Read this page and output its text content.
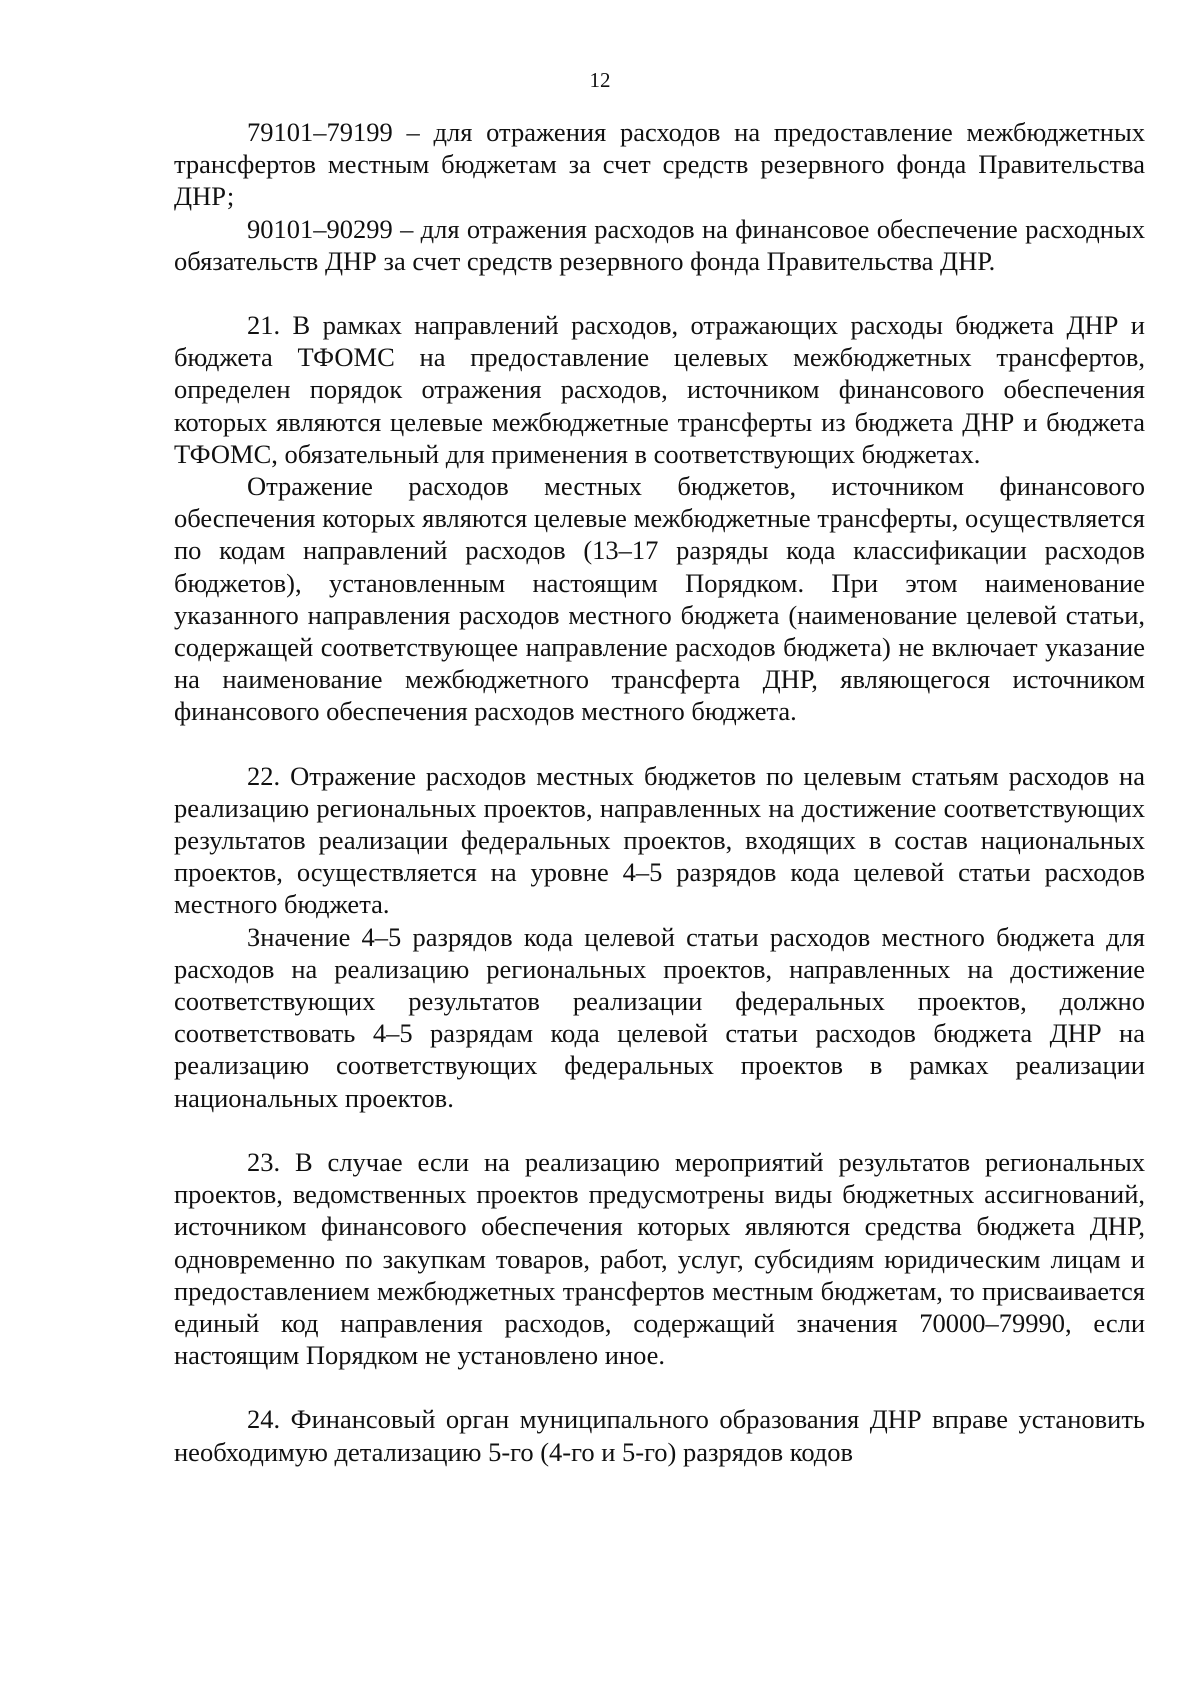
12

79101–79199 – для отражения расходов на предоставление межбюджетных трансфертов местным бюджетам за счет средств резервного фонда Правительства ДНР;

90101–90299 – для отражения расходов на финансовое обеспечение расходных обязательств ДНР за счет средств резервного фонда Правительства ДНР.

21. В рамках направлений расходов, отражающих расходы бюджета ДНР и бюджета ТФОМС на предоставление целевых межбюджетных трансфертов, определен порядок отражения расходов, источником финансового обеспечения которых являются целевые межбюджетные трансферты из бюджета ДНР и бюджета ТФОМС, обязательный для применения в соответствующих бюджетах.

Отражение расходов местных бюджетов, источником финансового обеспечения которых являются целевые межбюджетные трансферты, осуществляется по кодам направлений расходов (13–17 разряды кода классификации расходов бюджетов), установленным настоящим Порядком. При этом наименование указанного направления расходов местного бюджета (наименование целевой статьи, содержащей соответствующее направление расходов бюджета) не включает указание на наименование межбюджетного трансферта ДНР, являющегося источником финансового обеспечения расходов местного бюджета.

22. Отражение расходов местных бюджетов по целевым статьям расходов на реализацию региональных проектов, направленных на достижение соответствующих результатов реализации федеральных проектов, входящих в состав национальных проектов, осуществляется на уровне 4–5 разрядов кода целевой статьи расходов местного бюджета.

Значение 4–5 разрядов кода целевой статьи расходов местного бюджета для расходов на реализацию региональных проектов, направленных на достижение соответствующих результатов реализации федеральных проектов, должно соответствовать 4–5 разрядам кода целевой статьи расходов бюджета ДНР на реализацию соответствующих федеральных проектов в рамках реализации национальных проектов.

23. В случае если на реализацию мероприятий результатов региональных проектов, ведомственных проектов предусмотрены виды бюджетных ассигнований, источником финансового обеспечения которых являются средства бюджета ДНР, одновременно по закупкам товаров, работ, услуг, субсидиям юридическим лицам и предоставлением межбюджетных трансфертов местным бюджетам, то присваивается единый код направления расходов, содержащий значения 70000–79990, если настоящим Порядком не установлено иное.

24. Финансовый орган муниципального образования ДНР вправе установить необходимую детализацию 5-го (4-го и 5-го) разрядов кодов
